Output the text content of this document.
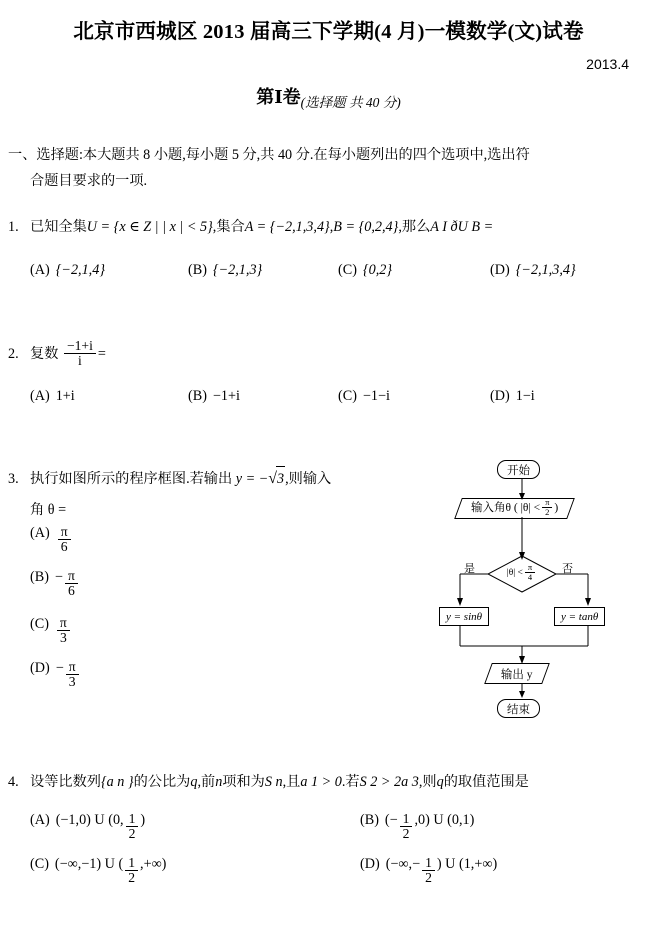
北京市西城区 2013 届高三下学期(4 月)一模数学(文)试卷
2013.4
第Ⅰ卷$_{(选择题 共 40 分)}$
一、选择题:本大题共 8 小题,每小题 5 分,共 40 分.在每小题列出的四个选项中,选出符
合题目要求的一项.
1. 已知全集U = {x ∈ Z | | x | < 5},集合A = {−2,1,3,4},B = {0,2,4},那么A I ðU B =
(A) {−2,1,4}	(B) {−2,1,3}	(C) {0,2}	(D) {−2,1,3,4}
2. 复数 $\frac{-1+i}{i}$ =
(A) 1+i	(B) −1+i	(C) −1−i	(D) 1−i
3. 执行如图所示的程序框图.若输出 y = −√3,则输入
角 θ =
$(A) \frac{\pi}{6}$
$(B) - \frac{\pi}{6}$
$(C) \frac{\pi}{3}$
$(D) - \frac{\pi}{3}$
开始
输入角θ ( $|\theta| < \frac{\pi}{2}$ )
$|\theta| < \frac{\pi}{4}$
是	否
y = sinθ	y = tanθ
输出 y
结束
4. 设等比数列{a n }的公比为q,前n项和为S n,且a 1 > 0.若S 2 > 2a 3,则q的取值范围是
(A) (−1,0) U (0, $\frac{1}{2}$ )	(B) (− $\frac{1}{2} ,0$) U (0,1)
(C) (−∞,−1) U ( $\frac{1}{2}$ ,+∞)	(D) (−∞,− $\frac{1}{2}$ ) U (1,+∞)
